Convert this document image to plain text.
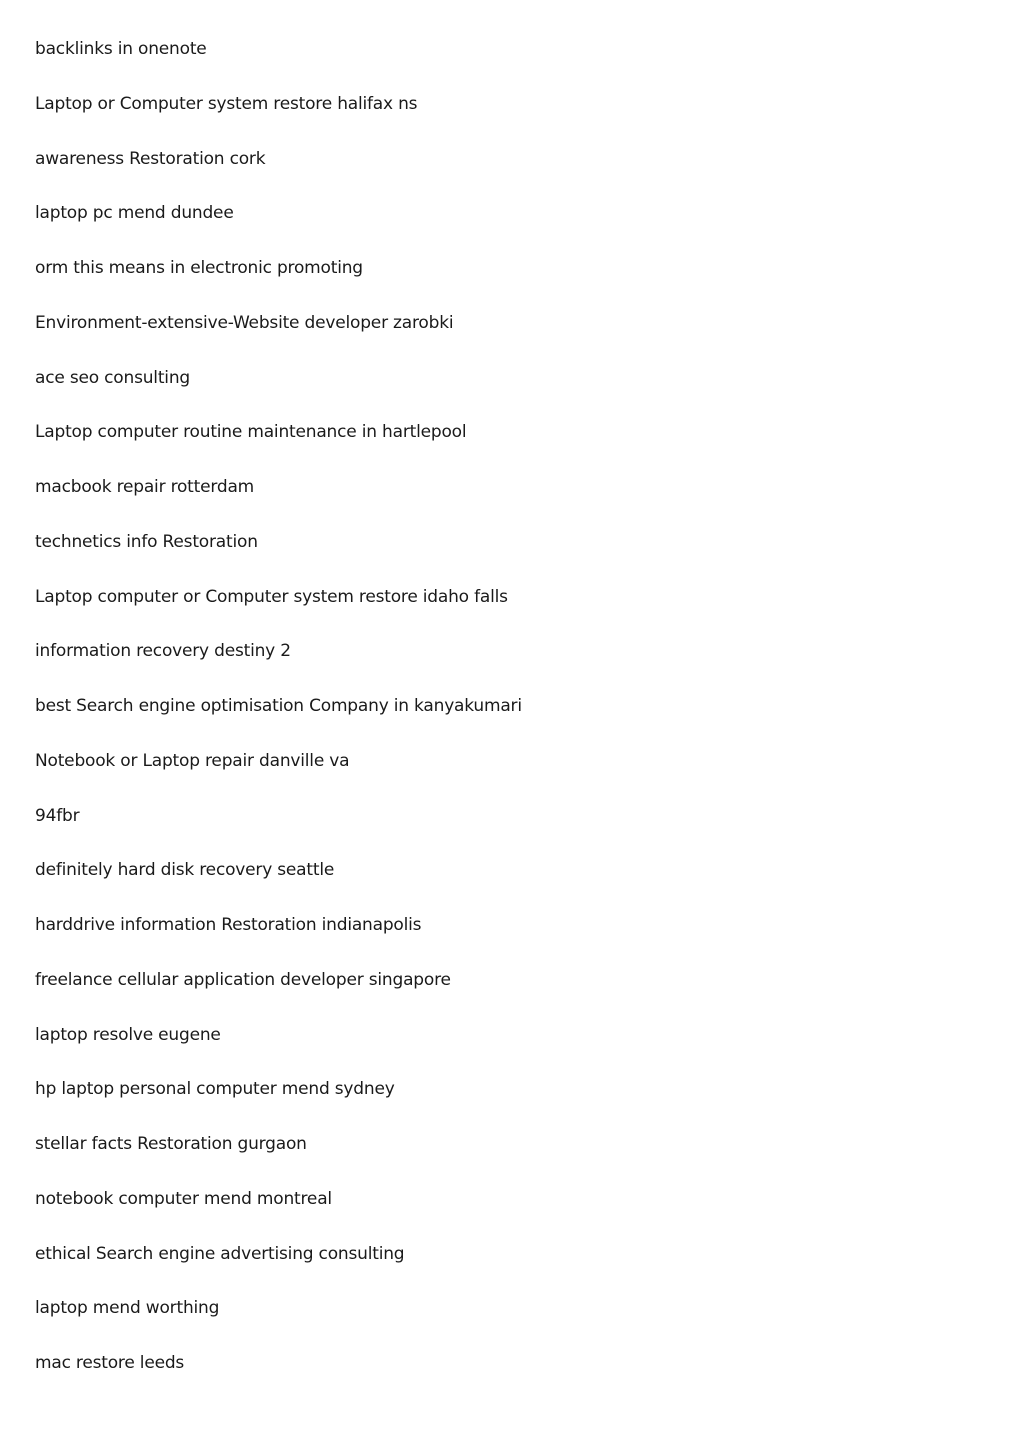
backlinks in onenote
Laptop or Computer system restore halifax ns
awareness Restoration cork
laptop pc mend dundee
orm this means in electronic promoting
Environment-extensive-Website developer zarobki
ace seo consulting
Laptop computer routine maintenance in hartlepool
macbook repair rotterdam
technetics info Restoration
Laptop computer or Computer system restore idaho falls
information recovery destiny 2
best Search engine optimisation Company in kanyakumari
Notebook or Laptop repair danville va
94fbr
definitely hard disk recovery seattle
harddrive information Restoration indianapolis
freelance cellular application developer singapore
laptop resolve eugene
hp laptop personal computer mend sydney
stellar facts Restoration gurgaon
notebook computer mend montreal
ethical Search engine advertising consulting
laptop mend worthing
mac restore leeds
